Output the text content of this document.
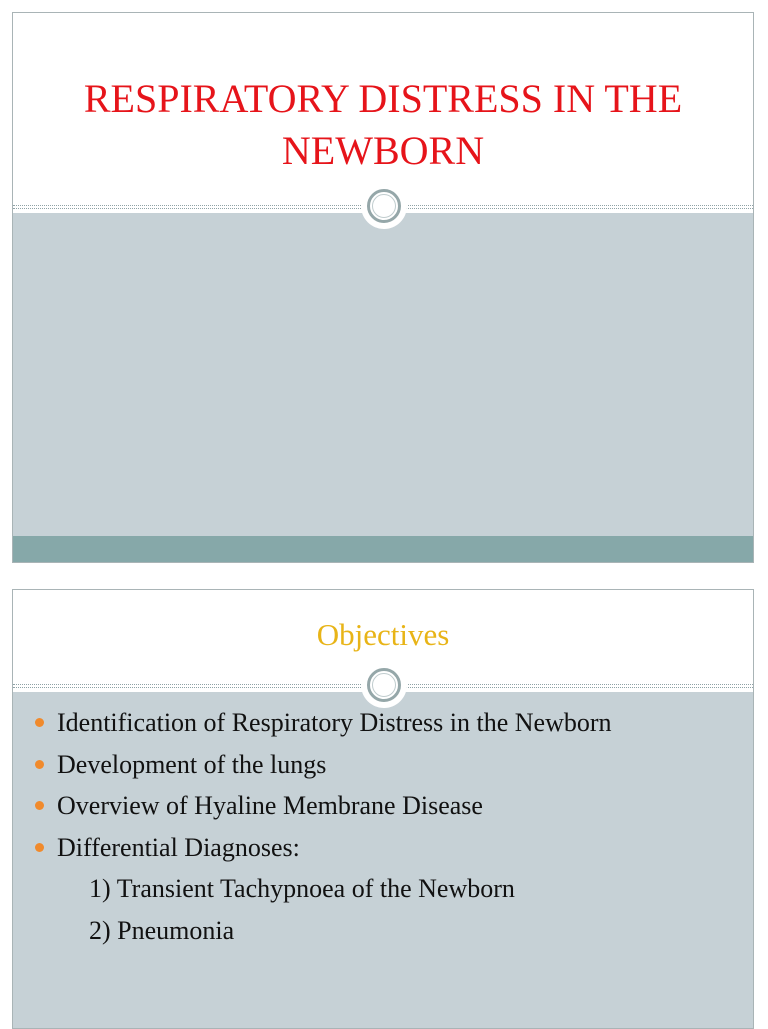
RESPIRATORY DISTRESS IN THE NEWBORN
Objectives
Identification of Respiratory Distress in the Newborn
Development of the lungs
Overview of Hyaline Membrane Disease
Differential Diagnoses:
1) Transient Tachypnoea of the Newborn
2) Pneumonia
